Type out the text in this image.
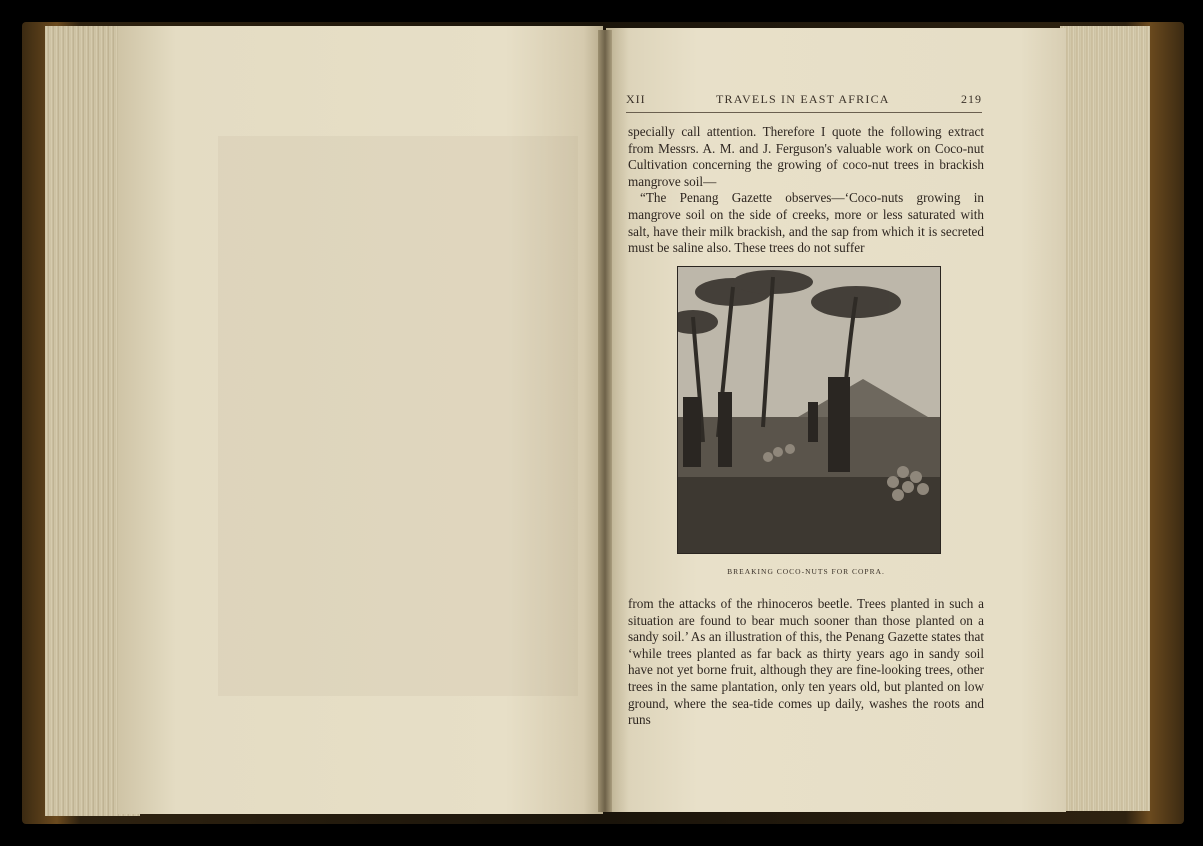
XII	TRAVELS IN EAST AFRICA	219

specially call attention. Therefore I quote the following extract from Messrs. A. M. and J. Ferguson's valuable work on Coco-nut Cultivation concerning the growing of coco-nut trees in brackish mangrove soil—

“The Penang Gazette observes—‘Coco-nuts growing in mangrove soil on the side of creeks, more or less saturated with salt, have their milk brackish, and the sap from which it is secreted must be saline also. These trees do not suffer

BREAKING COCO-NUTS FOR COPRA.

from the attacks of the rhinoceros beetle. Trees planted in such a situation are found to bear much sooner than those planted on a sandy soil.’ As an illustration of this, the Penang Gazette states that ‘while trees planted as far back as thirty years ago in sandy soil have not yet borne fruit, although they are fine-looking trees, other trees in the same plantation, only ten years old, but planted on low ground, where the sea-tide comes up daily, washes the roots and runs
